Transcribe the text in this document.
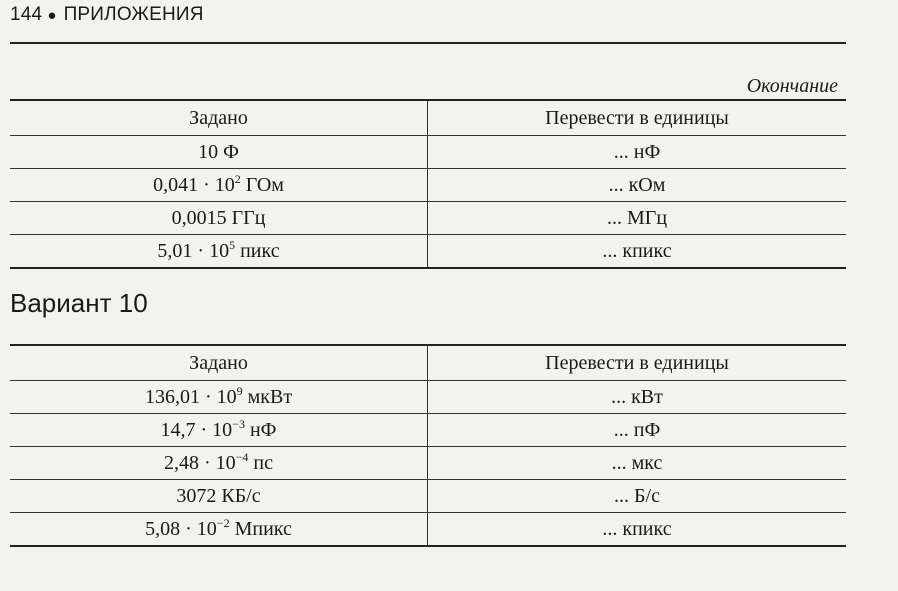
144 ● ПРИЛОЖЕНИЯ
Окончание
Задано	Перевести в единицы
10 Ф	... нФ
$0,041 \cdot 10^2$ ГОм	... кОм
0,0015 ГГц	... МГц
$5,01 \cdot 10^5$ пикс	... кпикс
Вариант 10
Задано	Перевести в единицы
$136,01 \cdot 10^9$ мкВт	... кВт
$14,7 \cdot 10^{-3}$ нФ	... пФ
$2,48 \cdot 10^{-4}$ пс	... мкс
3072 КБ/с	... Б/с
$5,08 \cdot 10^{-2}$ Мпикс	... кпикс
